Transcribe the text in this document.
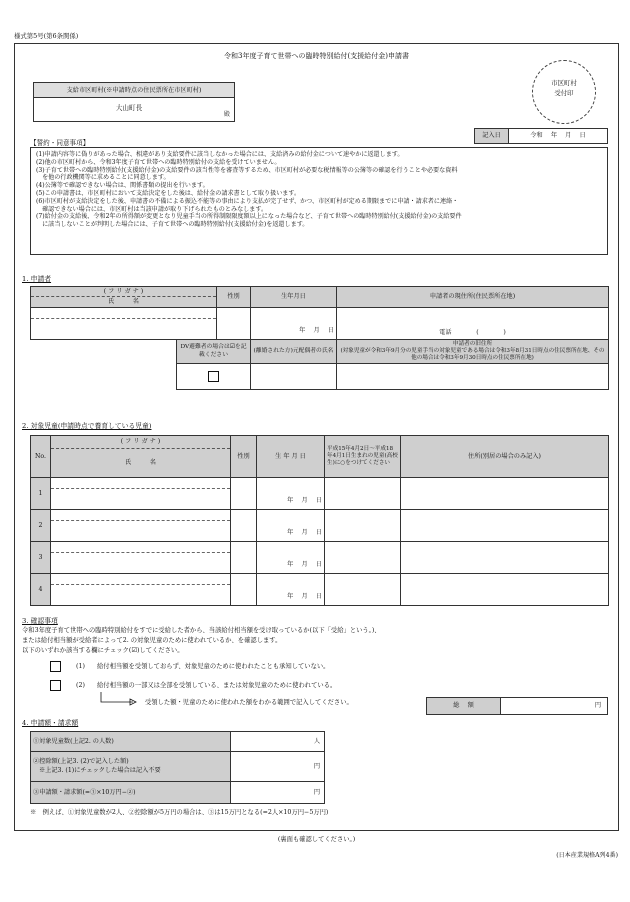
様式第5号(第6条関係)
令和3年度子育て世帯への臨時特別給付(支援給付金)申請書
市区町村
受付印
支給市区町村(※申請時点の住民票所在市区町村)
大山町長
殿
記入日	令和　 年　 月　 日
【誓約・同意事項】
(1)申請内容等に偽りがあった場合、相違があり支給要件に該当しなかった場合には、支給済みの給付金について速やかに返還します。
(2)他の市区町村から、令和3年度子育て世帯への臨時特別給付の支給を受けていません。
(3)子育て世帯への臨時特別給付(支援給付金)の支給要件の該当性等を審査等するため、市区町村が必要な税情報等の公簿等の確認を行うことや必要な資料
　を他の行政機関等に求めることに同意します。
(4)公簿等で確認できない場合は、関係書類の提出を行います。
(5)この申請書は、市区町村において支給決定をした後は、給付金の請求書として取り扱います。
(6)市区町村が支給決定をした後、申請書の不備による振込不能等の事由により支払が完了せず、かつ、市区町村が定める期限までに申請・請求者に連絡・
　確認できない場合には、市区町村は当該申請が取り下げられたものとみなします。
(7)給付金の支給後、令和2年の所得額が変更となり児童手当の所得制限限度額以上になった場合など、子育て世帯への臨時特別給付(支援給付金)の支給要件
　に該当しないことが判明した場合には、子育て世帯への臨時特別給付(支援給付金)を返還します。
1. 申請者
( フ リ ガ ナ )
氏　　　名	性別	生年月日	申請者の現住所(住民票所在地)

		年　 月　 日	電話　　　　(　　　　)
DV避難者の場合は☑を記載ください	(離婚された方)元配偶者の氏名	申請者の旧住所
(対象児童が令和3年9月分の児童手当の対象児童である場合は令和3年8月31日時点の住民票所在地、その他の場合は令和3年9月30日時点の住民票所在地)

2. 対象児童(申請時点で養育している児童)
No.	( フ リ ガ ナ )
氏　　　名	性別	生 年 月 日	平成15年4月2日〜平成18年4月1日生まれの児童(高校生)に○をつけてください	住所(別居の場合のみ記入)
1			年　 月　 日		
2			年　 月　 日		
3			年　 月　 日		
4			年　 月　 日		
3. 確認事項
令和3年度子育て世帯への臨時特別給付をすでに受給した者から、当該給付相当額を受け取っているか(以下「受給」という。)、
または給付相当額が受給者によって2. の対象児童のために使われているか、を確認します。
以下のいずれか該当する欄にチェック(☑)してください。
(1) 給付相当額を受領しておらず、対象児童のために使われたことも承知していない。
(2) 給付相当額の一部又は全部を受領している、または対象児童のために使われている。
受領した額・児童のために使われた額をわかる範囲で記入してください。	総　 額	円
4. 申請額・請求額
①対象児童数(上記2. の人数)	人

②控除額(上記3. (2)で記入した額)
※上記3. (1)にチェックした場合は記入不要	円
③申請額・請求額(=①×10万円−②)	円
※　例えば、①対象児童数が2人、②控除額が5万円の場合は、③は15万円となる(=2人×10万円−5万円)
(裏面も確認してください。)
(日本産業規格A列4番)
